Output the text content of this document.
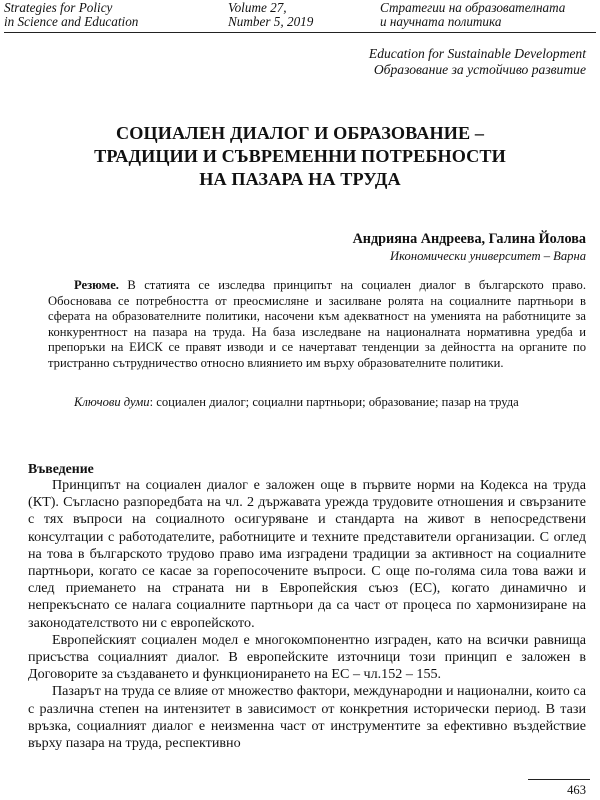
Strategies for Policy
in Science and Education
Volume 27,
Number 5, 2019
Стратегии на образователната
и научната политика
Education for Sustainable Development
Образование за устойчиво развитие
СОЦИАЛЕН ДИАЛОГ И ОБРАЗОВАНИЕ –
ТРАДИЦИИ И СЪВРЕМЕННИ ПОТРЕБНОСТИ
НА ПАЗАРА НА ТРУДА
Андрияна Андреева, Галина Йолова
Икономически университет – Варна
Резюме. В статията се изследва принципът на социален диалог в българското право. Обосновава се потребността от преосмисляне и засилване ролята на социалните партньори в сферата на образователните политики, насочени към адекватност на уменията на работниците за конкурентност на пазара на труда. На база изследване на националната нормативна уредба и препоръки на ЕИСК се правят изводи и се начертават тенденции за дейността на органите по тристранно сътрудничество относно влиянието им върху образователните политики.
Ключови думи: социален диалог; социални партньори; образование; пазар на труда
Въведение

Принципът на социален диалог е заложен още в първите норми на Кодекса на труда (КТ). Съгласно разпоредбата на чл. 2 държавата урежда трудовите отношения и свързаните с тях въпроси на социалното осигуряване и стандарта на живот в непосредствени консултации с работодателите, работниците и техните представители организации. С оглед на това в българското трудово право има изградени традиции за активност на социалните партньори, когато се касае за горепосочените въпроси. С още по-голяма сила това важи и след приемането на страната ни в Европейския съюз (ЕС), когато динамично и непрекъснато се налага социалните партньори да са част от процеса по хармонизиране на законодателството ни с европейското.

Европейският социален модел е многокомпонентно изграден, като на всички равнища присъства социалният диалог. В европейските източници този принцип е заложен в Договорите за създаването и функционирането на ЕС – чл.152 – 155.

Пазарът на труда се влияе от множество фактори, международни и национални, които са с различна степен на интензитет в зависимост от конкретния исторически период. В тази връзка, социалният диалог е неизменна част от инструментите за ефективно въздействие върху пазара на труда, респективно

463
